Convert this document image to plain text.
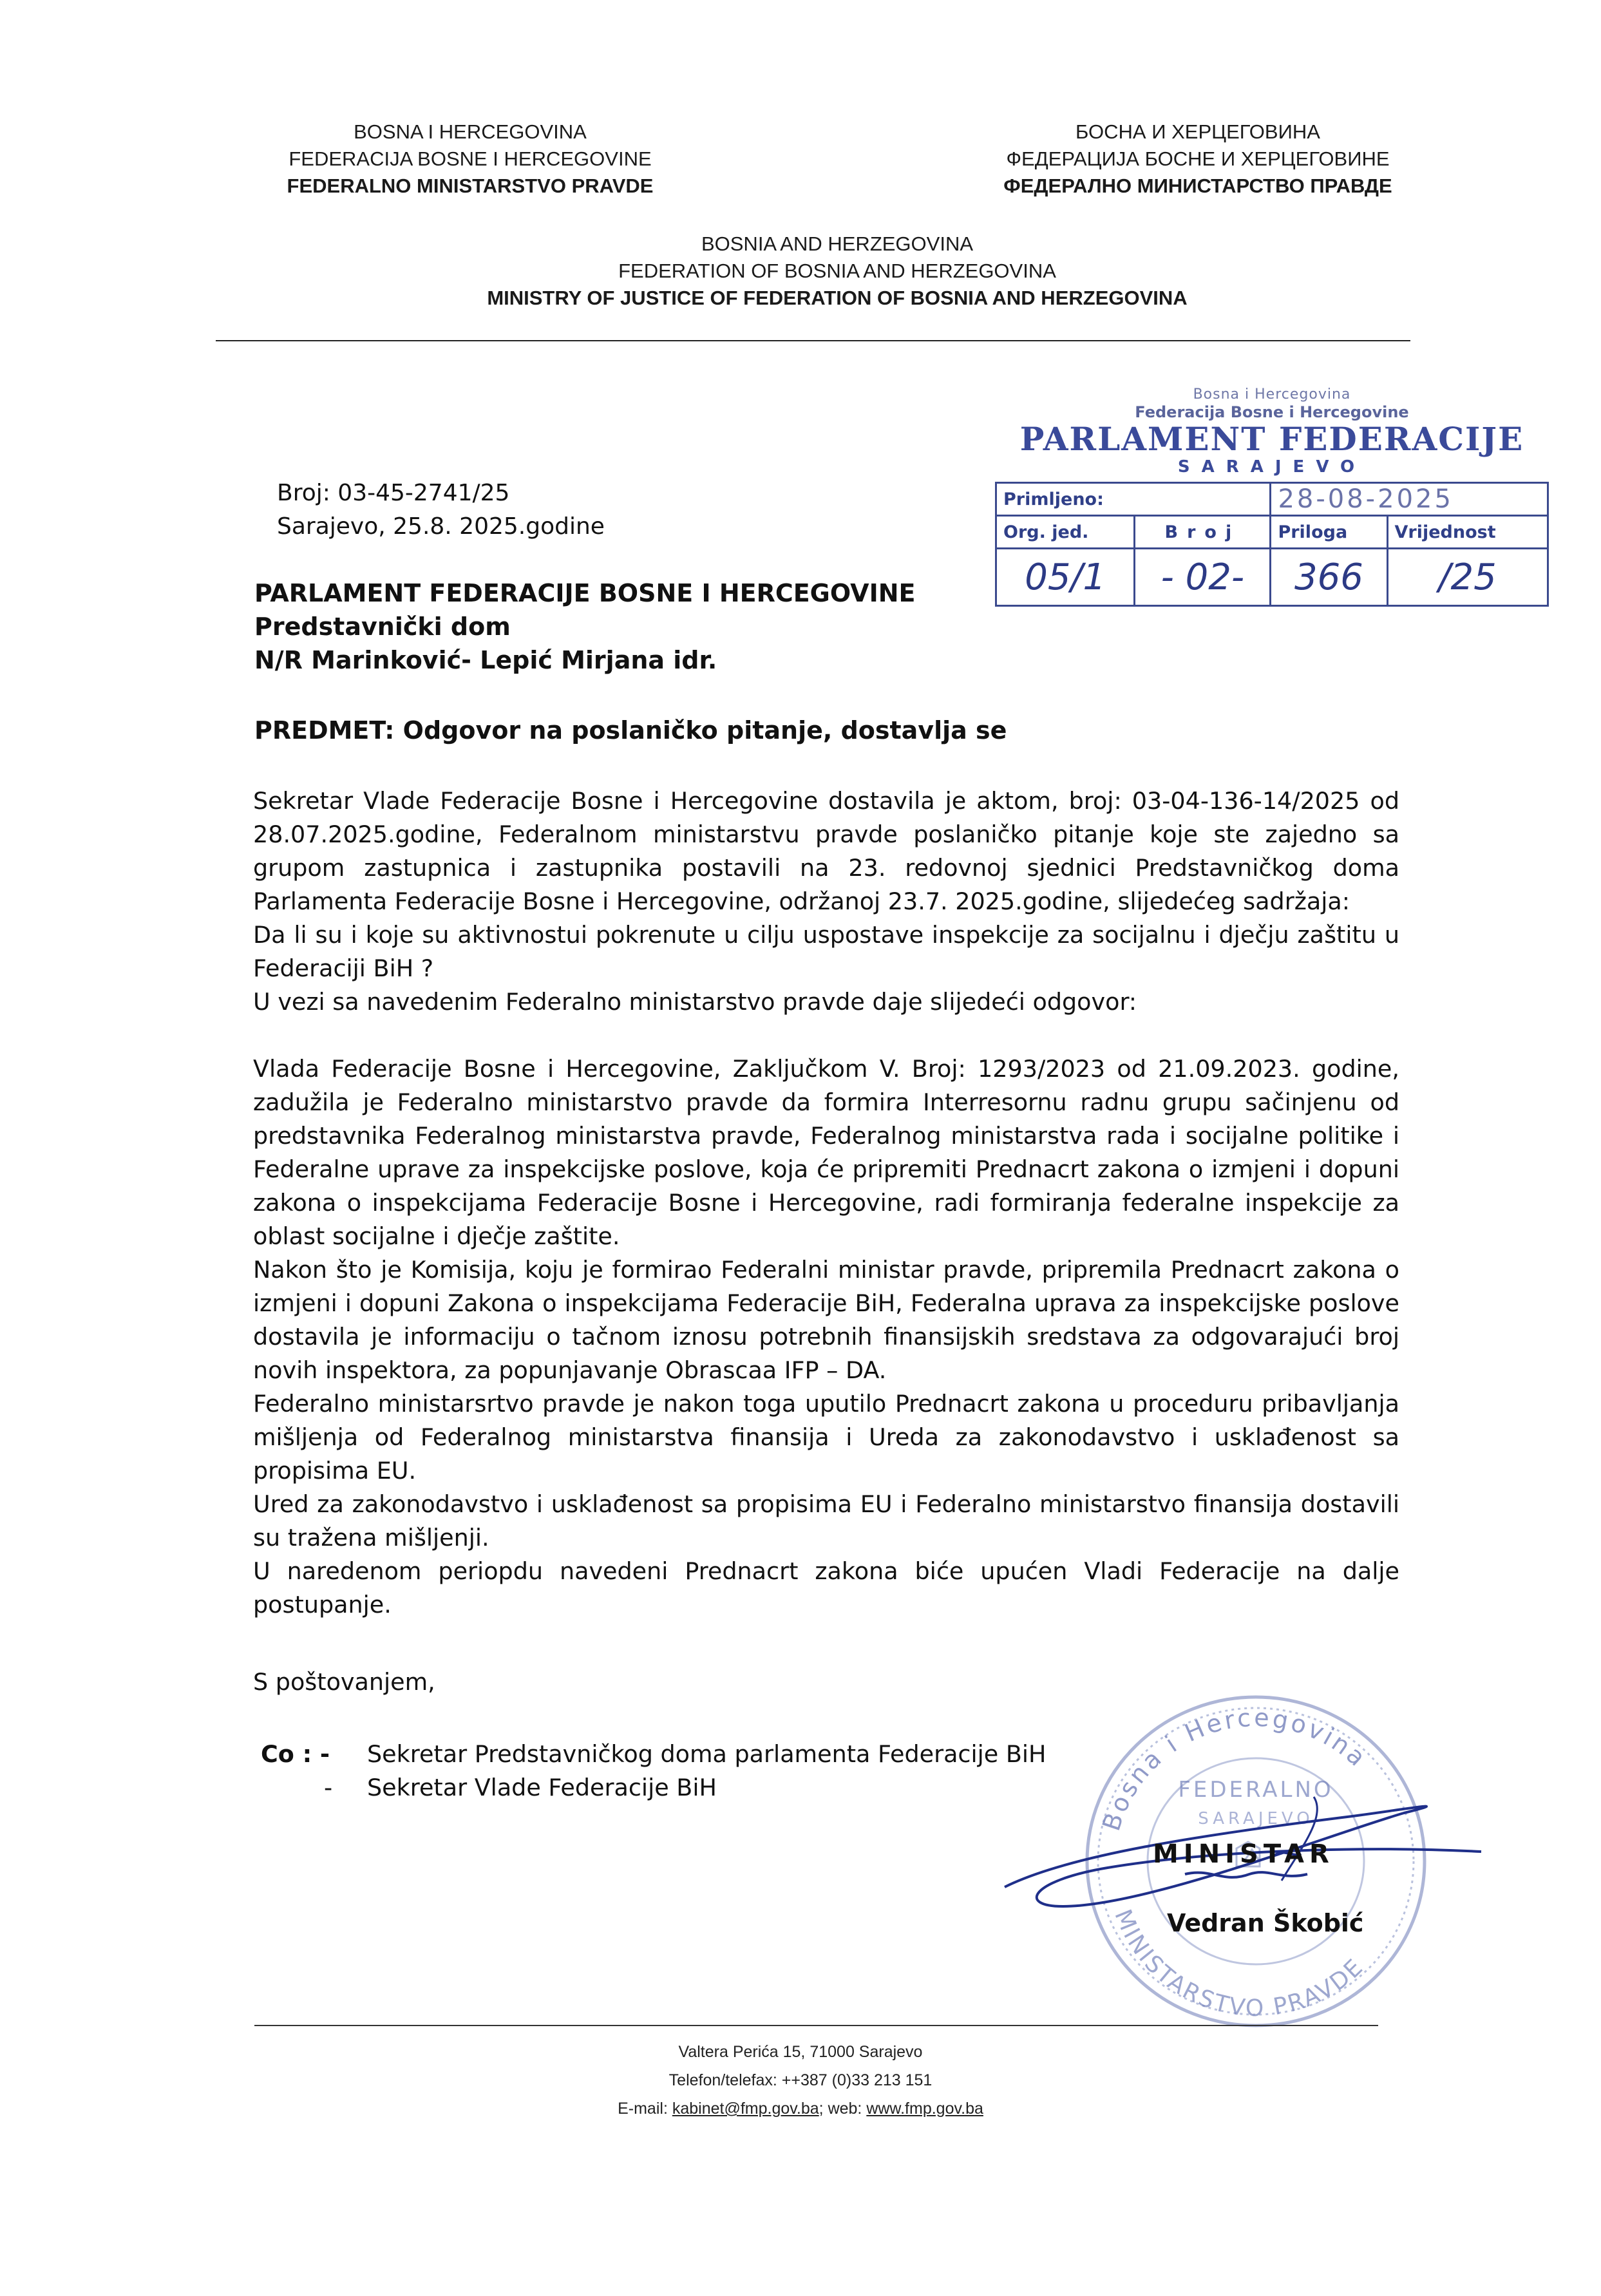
BOSNA I HERCEGOVINA
FEDERACIJA BOSNE I HERCEGOVINE
FEDERALNO MINISTARSTVO PRAVDE
БОСНА И ХЕРЦЕГОВИНА
ФЕДЕРАЦИЈА БОСНЕ И ХЕРЦЕГОВИНЕ
ФЕДЕРАЛНО МИНИСТАРСТВО ПРАВДЕ
BOSNIA AND HERZEGOVINA
FEDERATION OF BOSNIA AND HERZEGOVINA
MINISTRY OF JUSTICE OF FEDERATION OF BOSNIA AND HERZEGOVINA
Broj: 03-45-2741/25
Sarajevo, 25.8. 2025.godine
Bosna i Hercegovina
Federacija Bosne i Hercegovine
PARLAMENT FEDERACIJE
SARAJEVO
Primljeno:		28-08-2025	
Org. jed.	Broj	Priloga	Vrijednost
05/1	- 02-	366	/25
PARLAMENT FEDERACIJE BOSNE I HERCEGOVINE
Predstavnički dom
N/R Marinković- Lepić Mirjana idr.
PREDMET: Odgovor na poslaničko pitanje, dostavlja se

Sekretar Vlade Federacije Bosne i Hercegovine dostavila je aktom, broj: 03-04-136-14/2025 od 28.07.2025.godine, Federalnom ministarstvu pravde poslaničko pitanje koje ste zajedno sa grupom zastupnica i zastupnika postavili na 23. redovnoj sjednici Predstavničkog doma Parlamenta Federacije Bosne i Hercegovine, održanoj 23.7. 2025.godine, slijedećeg sadržaja:

Da li su i koje su aktivnostui pokrenute u cilju uspostave inspekcije za socijalnu i dječju zaštitu u Federaciji BiH ?

U vezi sa navedenim Federalno ministarstvo pravde daje slijedeći odgovor:

Vlada Federacije Bosne i Hercegovine, Zaključkom V. Broj: 1293/2023 od 21.09.2023. godine, zadužila je Federalno ministarstvo pravde da formira Interresornu radnu grupu sačinjenu od predstavnika Federalnog ministarstva pravde, Federalnog ministarstva rada i socijalne politike i Federalne uprave za inspekcijske poslove, koja će pripremiti Prednacrt zakona o izmjeni i dopuni zakona o inspekcijama Federacije Bosne i Hercegovine, radi formiranja federalne inspekcije za oblast socijalne i dječje zaštite.

Nakon što je Komisija, koju je formirao Federalni ministar pravde, pripremila Prednacrt zakona o izmjeni i dopuni Zakona o inspekcijama Federacije BiH, Federalna uprava za inspekcijske poslove dostavila je informaciju o tačnom iznosu potrebnih finansijskih sredstava za odgovarajući broj novih inspektora, za popunjavanje Obrascaa IFP – DA.

Federalno ministarsrtvo pravde je nakon toga uputilo Prednacrt zakona u proceduru pribavljanja mišljenja od Federalnog ministarstva finansija i Ureda za zakonodavstvo i usklađenost sa propisima EU.

Ured za zakonodavstvo i usklađenost sa propisima EU i Federalno ministarstvo finansija dostavili su tražena mišljenji.

U naredenom periopdu navedeni Prednacrt zakona biće upućen Vladi Federacije na dalje postupanje.

S poštovanjem,
Co : - Sekretar Predstavničkog doma parlamenta Federacije BiH
- Sekretar Vlade Federacije BiH
Bosna i Hercegovina
MINISTARSTVO PRAVDE
FEDERALNO
SARAJEVO
MINISTAR
Vedran Škobić
Valtera Perića 15, 71000 Sarajevo
Telefon/telefax: ++387 (0)33 213 151
E-mail: kabinet@fmp.gov.ba; web: www.fmp.gov.ba
